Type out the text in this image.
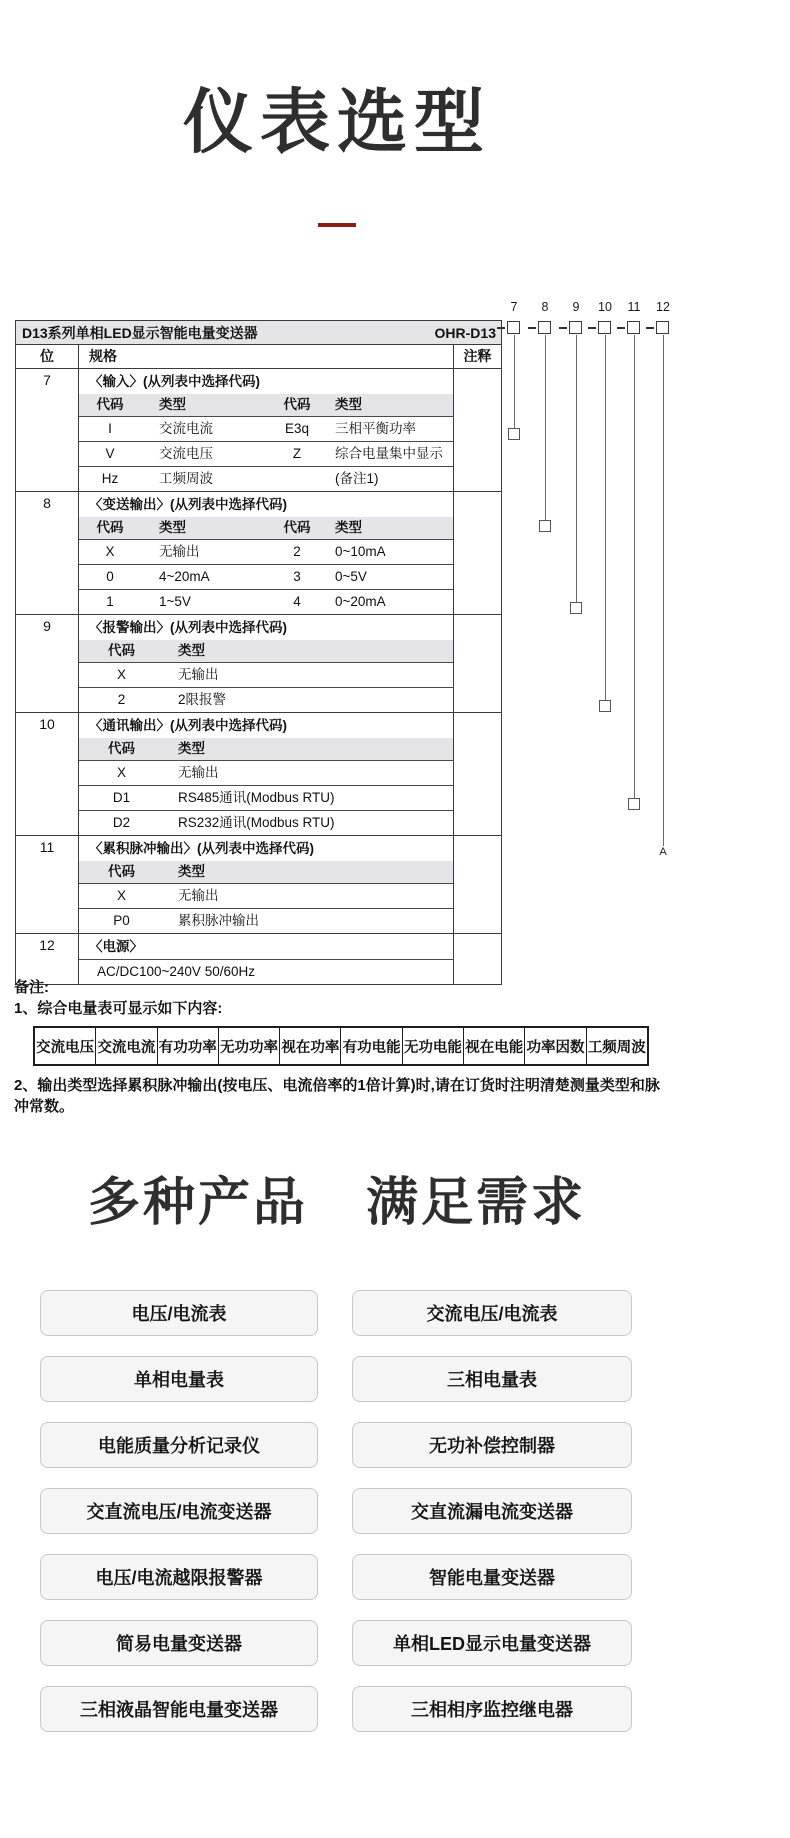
仪表选型
D13系列单相LED显示智能电量变送器	OHR-D13
位	规格	注释
7	〈输入〉(从列表中选择代码)
代码	类型	代码	类型
I	交流电流	E3q	三相平衡功率
V	交流电压	Z	综合电量集中显示
Hz	工频周波	(备注1)
8	〈变送输出〉(从列表中选择代码)
代码	类型	代码	类型
X	无输出	2	0~10mA
0	4~20mA	3	0~5V
1	1~5V	4	0~20mA
9	〈报警输出〉(从列表中选择代码)
代码	类型
X	无输出
2	2限报警
10	〈通讯输出〉(从列表中选择代码)
代码	类型
X	无输出
D1	RS485通讯(Modbus RTU)
D2	RS232通讯(Modbus RTU)
11	〈累积脉冲输出〉(从列表中选择代码)
代码	类型
X	无输出
P0	累积脉冲输出
12	〈电源〉
AC/DC100~240V 50/60Hz
7	8	9	10 11 12
A
备注:
1、综合电量表可显示如下内容:
交流电压 交流电流 有功功率 无功功率 视在功率 有功电能 无功电能 视在电能 功率因数 工频周波
2、输出类型选择累积脉冲输出(按电压、电流倍率的1倍计算)时,请在订货时注明清楚测量类型和脉冲常数。
多种产品 满足需求
电压/电流表
单相电量表
电能质量分析记录仪
交直流电压/电流变送器
电压/电流越限报警器
简易电量变送器
三相液晶智能电量变送器
交流电压/电流表
三相电量表
无功补偿控制器
交直流漏电流变送器
智能电量变送器
单相LED显示电量变送器
三相相序监控继电器
